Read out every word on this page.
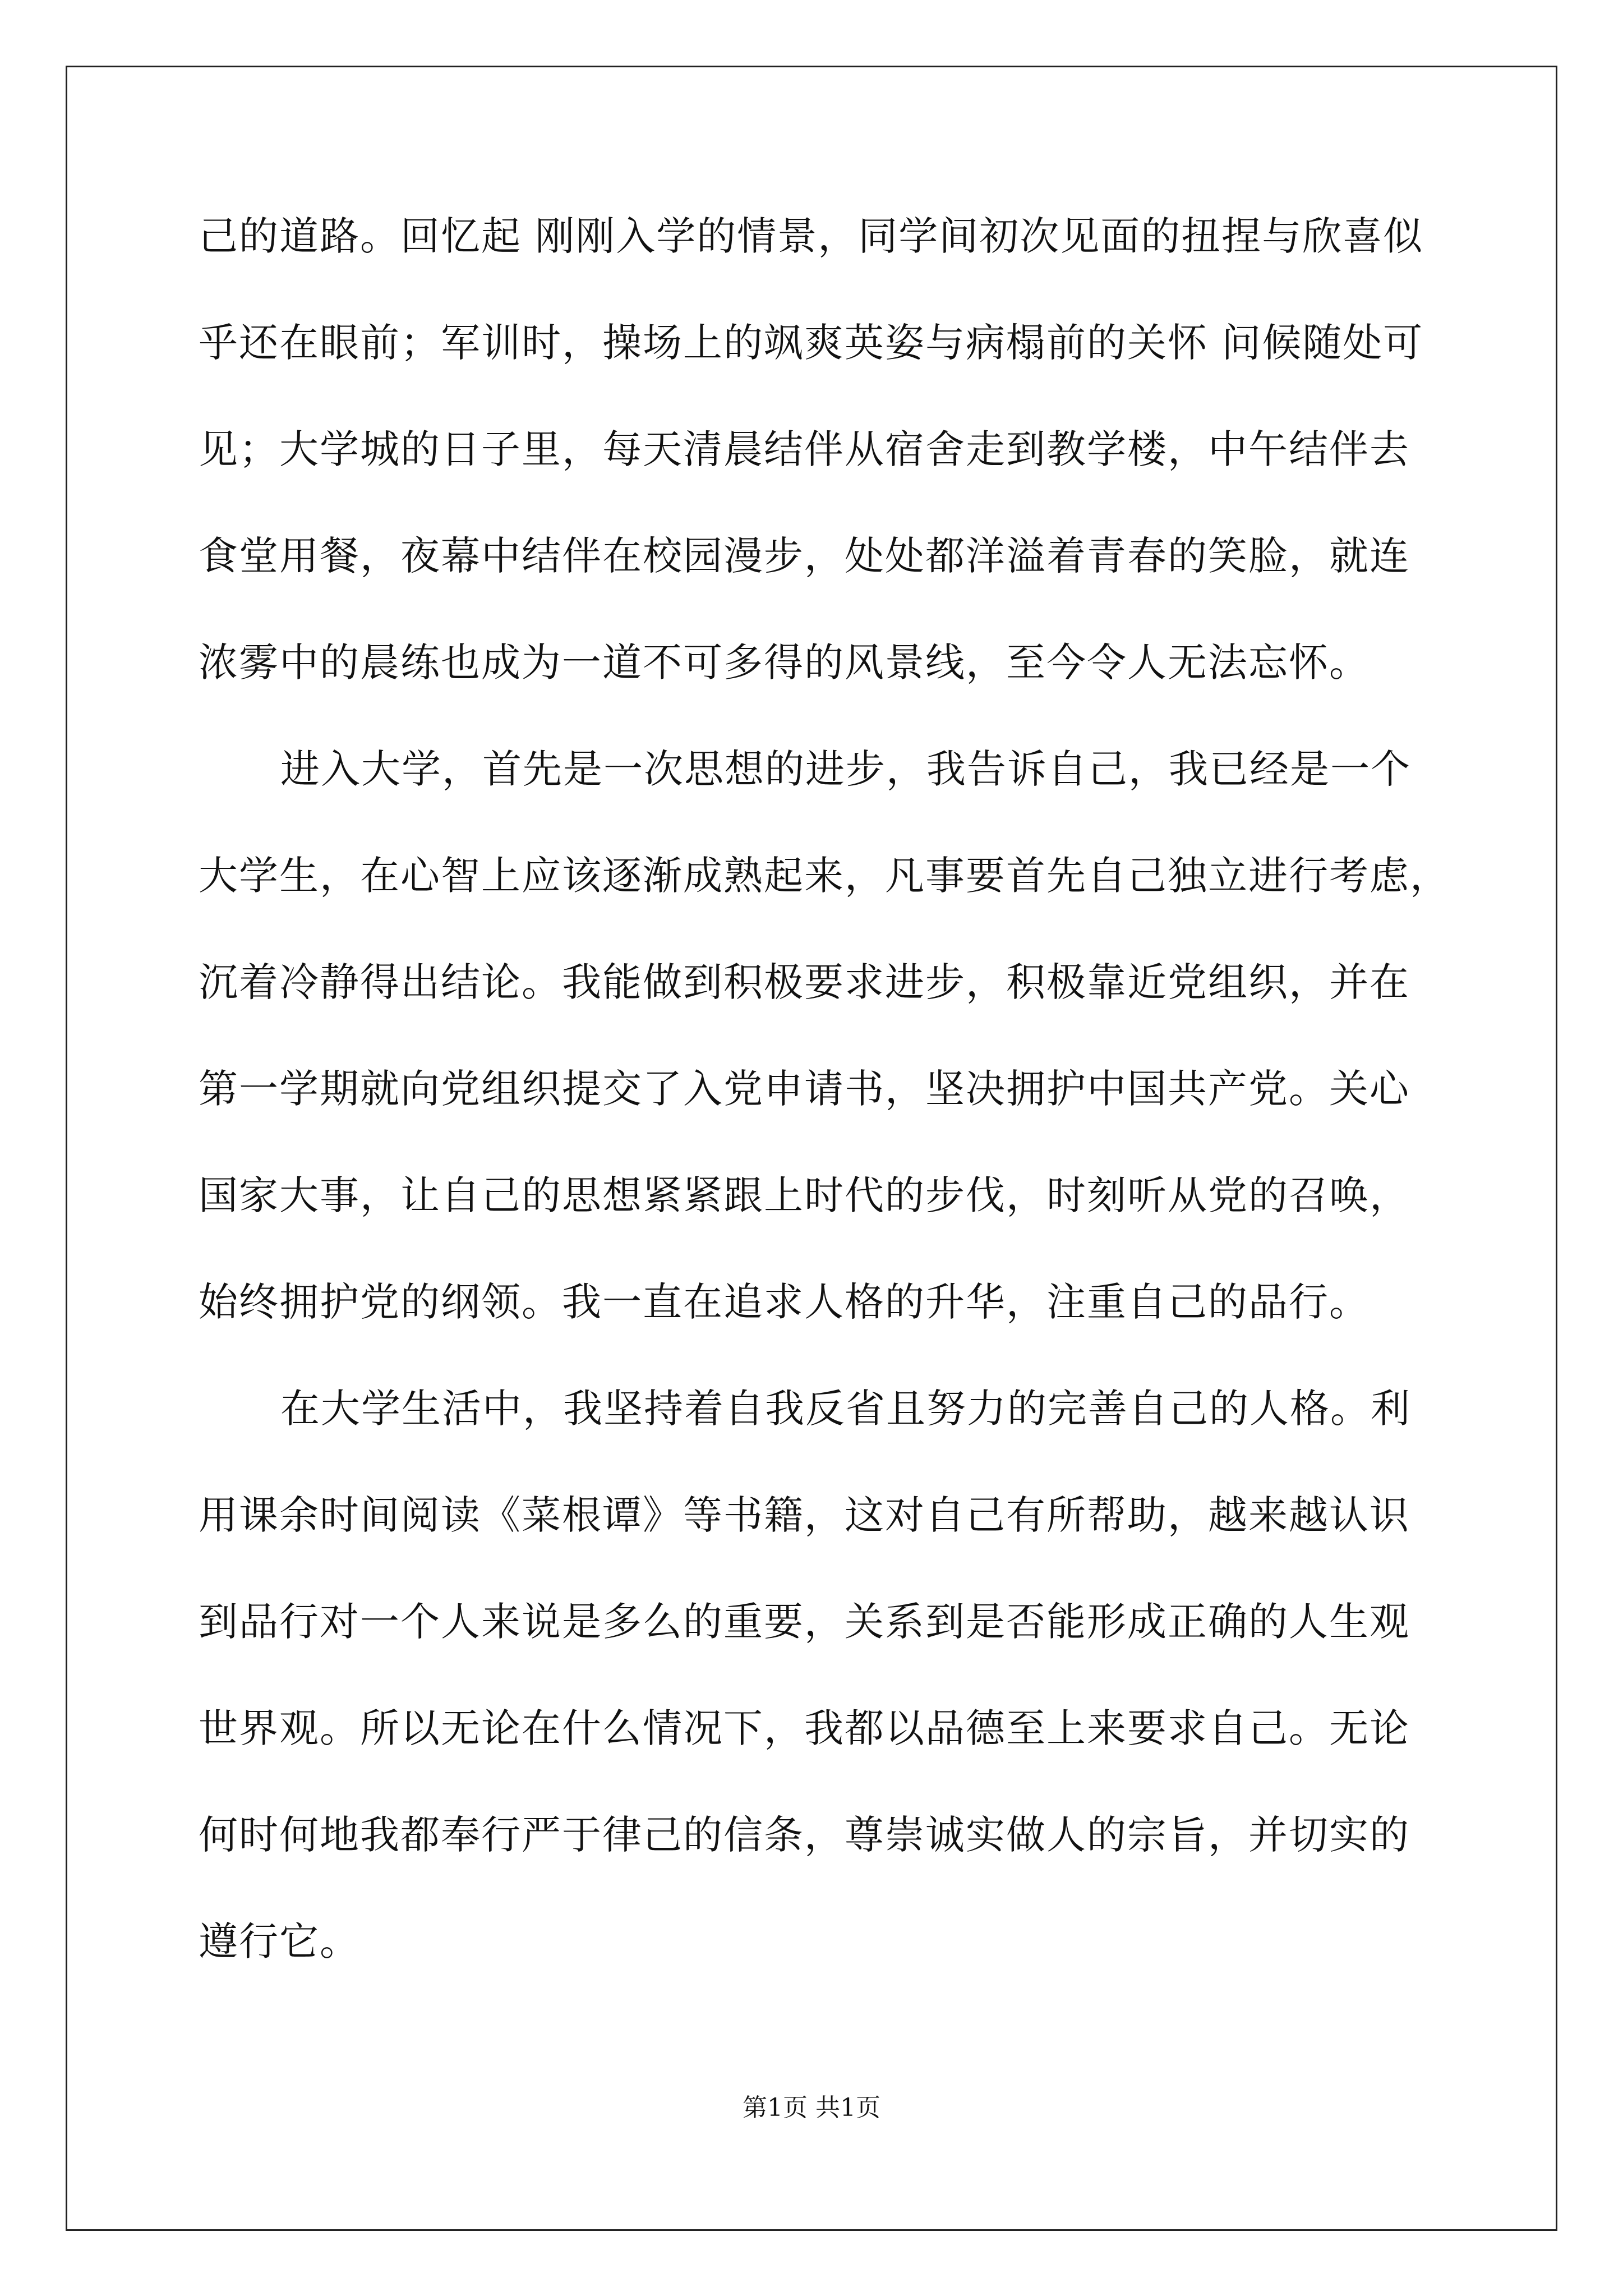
己的道路。回忆起 刚刚入学的情景，同学间初次见面的扭捏与欣喜似
乎还在眼前；军训时，操场上的飒爽英姿与病榻前的关怀 问候随处可
见；大学城的日子里，每天清晨结伴从宿舍走到教学楼，中午结伴去
食堂用餐，夜幕中结伴在校园漫步，处处都洋溢着青春的笑脸，就连
浓雾中的晨练也成为一道不可多得的风景线，至今令人无法忘怀。
进入大学，首先是一次思想的进步，我告诉自己，我已经是一个
大学生，在心智上应该逐渐成熟起来，凡事要首先自己独立进行考虑，
沉着冷静得出结论。我能做到积极要求进步，积极靠近党组织，并在
第一学期就向党组织提交了入党申请书，坚决拥护中国共产党。关心
国家大事，让自己的思想紧紧跟上时代的步伐，时刻听从党的召唤，
始终拥护党的纲领。我一直在追求人格的升华，注重自己的品行。
在大学生活中，我坚持着自我反省且努力的完善自己的人格。利
用课余时间阅读《菜根谭》等书籍，这对自己有所帮助，越来越认识
到品行对一个人来说是多么的重要，关系到是否能形成正确的人生观
世界观。所以无论在什么情况下，我都以品德至上来要求自己。无论
何时何地我都奉行严于律己的信条，尊崇诚实做人的宗旨，并切实的
遵行它。
第1页 共1页
